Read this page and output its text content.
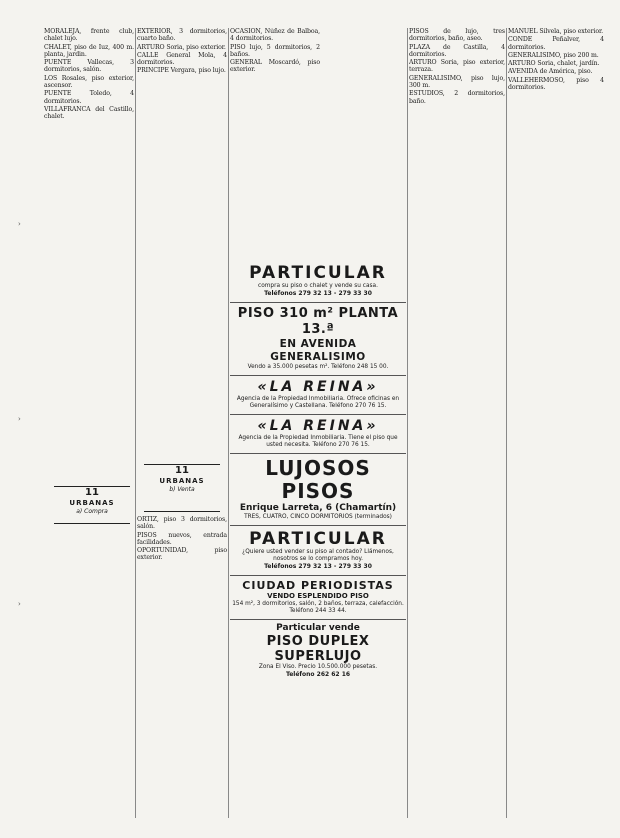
MORALEJA, frente club, chalet lujo.

CHALET, piso de Iuz, 400 m. planta, jardin.

PUENTE Vallecas, 3 dormitorios, salón.

LOS Rosales, piso exterior, ascensor.

PUENTE Toledo, 4 dormitorios.

VILLAFRANCA del Castillo, chalet.

EXTERIOR, 3 dormitorios, cuarto baño.

ARTURO Soria, piso exterior.

CALLE General Mola, 4 dormitorios.

PRINCIPE Vergara, piso lujo.

ORTIZ, piso 3 dormitorios, salón.

PISOS nuevos, entrada facilidades.

OPORTUNIDAD, piso exterior.

11
URBANAS
a) Compra
11
URBANAS
b) Venta

OCASION, Núñez de Balboa, 4 dormitorios.

PISO lujo, 5 dormitorios, 2 baños.

GENERAL Moscardó, piso exterior.

PARTICULAR
compra su piso o chalet y vende su casa.
Teléfonos 279 32 13 - 279 33 30
PISO 310 m² PLANTA 13.ª
EN AVENIDA GENERALISIMO
Vendo a 35.000 pesetas m². Teléfono 248 15 00.
«LA REINA»
Agencia de la Propiedad Inmobiliaria. Ofrece oficinas en Generalísimo y Castellana. Teléfono 270 76 15.
«LA REINA»
Agencia de la Propiedad Inmobiliaria. Tiene el piso que usted necesita. Teléfono 270 76 15.
LUJOSOS PISOS
Enrique Larreta, 6 (Chamartín)
TRES, CUATRO, CINCO DORMITORIOS (terminados)
PARTICULAR
¿Quiere usted vender su piso al contado? Llámenos, nosotros se lo compramos hoy.
Teléfonos 279 32 13 - 279 33 30
CIUDAD PERIODISTAS
VENDO ESPLENDIDO PISO
154 m², 3 dormitorios, salón, 2 baños, terraza, calefacción. Teléfono 244 33 44.
Particular vende
PISO DUPLEX SUPERLUJO
Zona El Viso. Precio 10.500.000 pesetas.
Teléfono 262 62 16

PISOS de lujo, tres dormitorios, baño, aseo.

PLAZA de Castilla, 4 dormitorios.

ARTURO Soria, piso exterior, terraza.

GENERALISIMO, piso lujo, 300 m.

ESTUDIOS, 2 dormitorios, baño.

MANUEL Silvela, piso exterior.

CONDE Peñalver, 4 dormitorios.

GENERALISIMO, piso 200 m.

ARTURO Soria, chalet, jardín.

AVENIDA de América, piso.

VALLEHERMOSO, piso 4 dormitorios.

›
›
›
